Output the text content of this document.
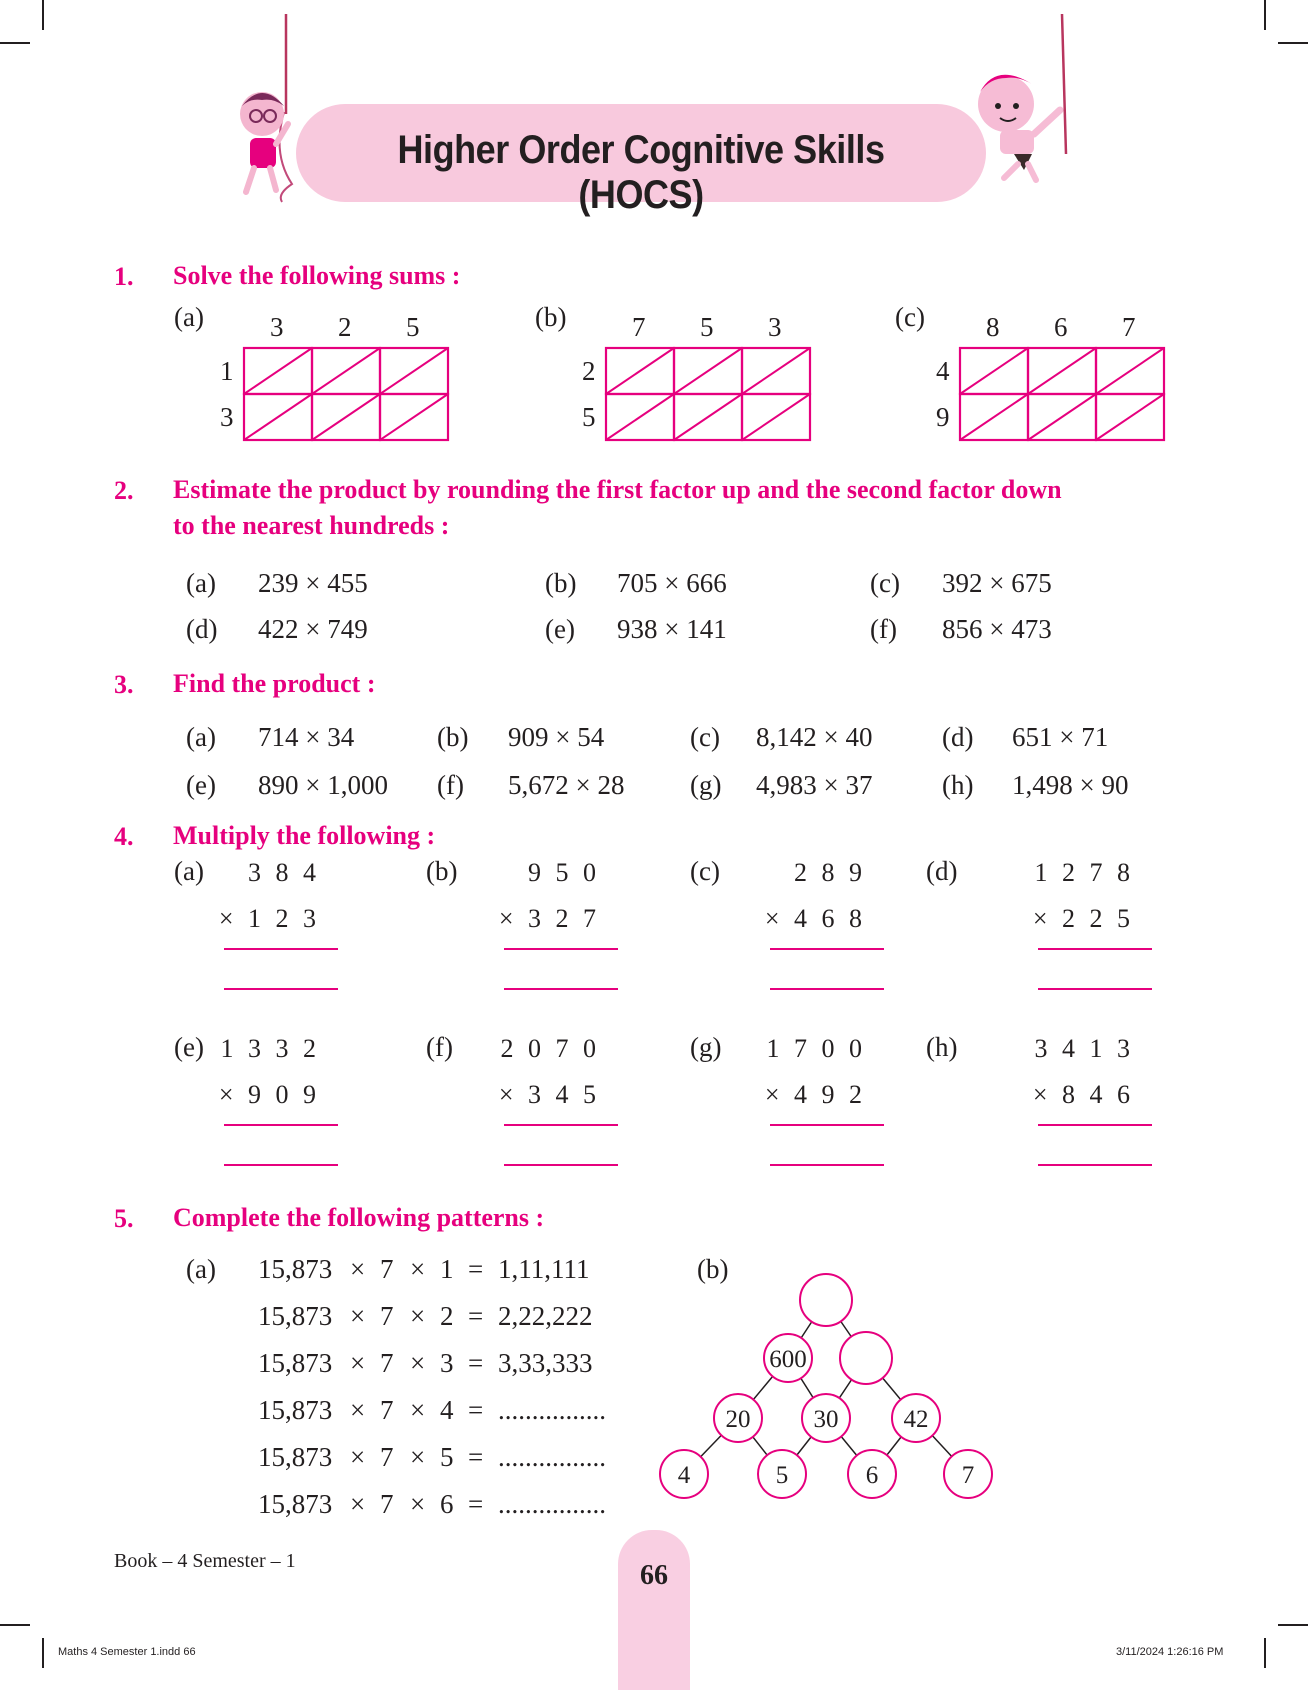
Higher Order Cognitive Skills (HOCS)
1. Solve the following sums :
(a) 3 2 5
1
3
(b) 7 5 3
2
5
(c) 8 6 7
4
9
2. Estimate the product by rounding the first factor up and the second factor down
to the nearest hundreds :
(a) 239 × 455	(b) 705 × 666	(c) 392 × 675
(d) 422 × 749	(e) 938 × 141	(f) 856 × 473
3. Find the product :
(a) 714 × 34	(b) 909 × 54	(c) 8,142 × 40	(d) 651 × 71
(e) 890 × 1,000 (f) 5,672 × 28 (g) 4,983 × 37	(h) 1,498 × 90
4. Multiply the following :
(a)	3 8 4
× 1 2 3
(b)	9 5 0
× 3 2 7
(c)	2 8 9
× 4 6 8
(d)	1 2 7 8
× 2 2 5
(e) 1 3 3 2
× 9 0 9
(f)	2 0 7 0
× 3 4 5
(g)	1 7 0 0
× 4 9 2
(h)	3 4 1 3
× 8 4 6
5. Complete the following patterns :
(a) 15,873 × 7 × 1 = 1,11,111
15,873 × 7 × 2 = 2,22,222
15,873 × 7 × 3 = 3,33,333
15,873 × 7 × 4 = ................
15,873 × 7 × 5 = ................
15,873 × 7 × 6 = ................
(b)
600
20	30	42
4	5	6	7
Book – 4 Semester – 1	66
Maths 4 Semester 1.indd 66	3/11/2024 1:26:16 PM
